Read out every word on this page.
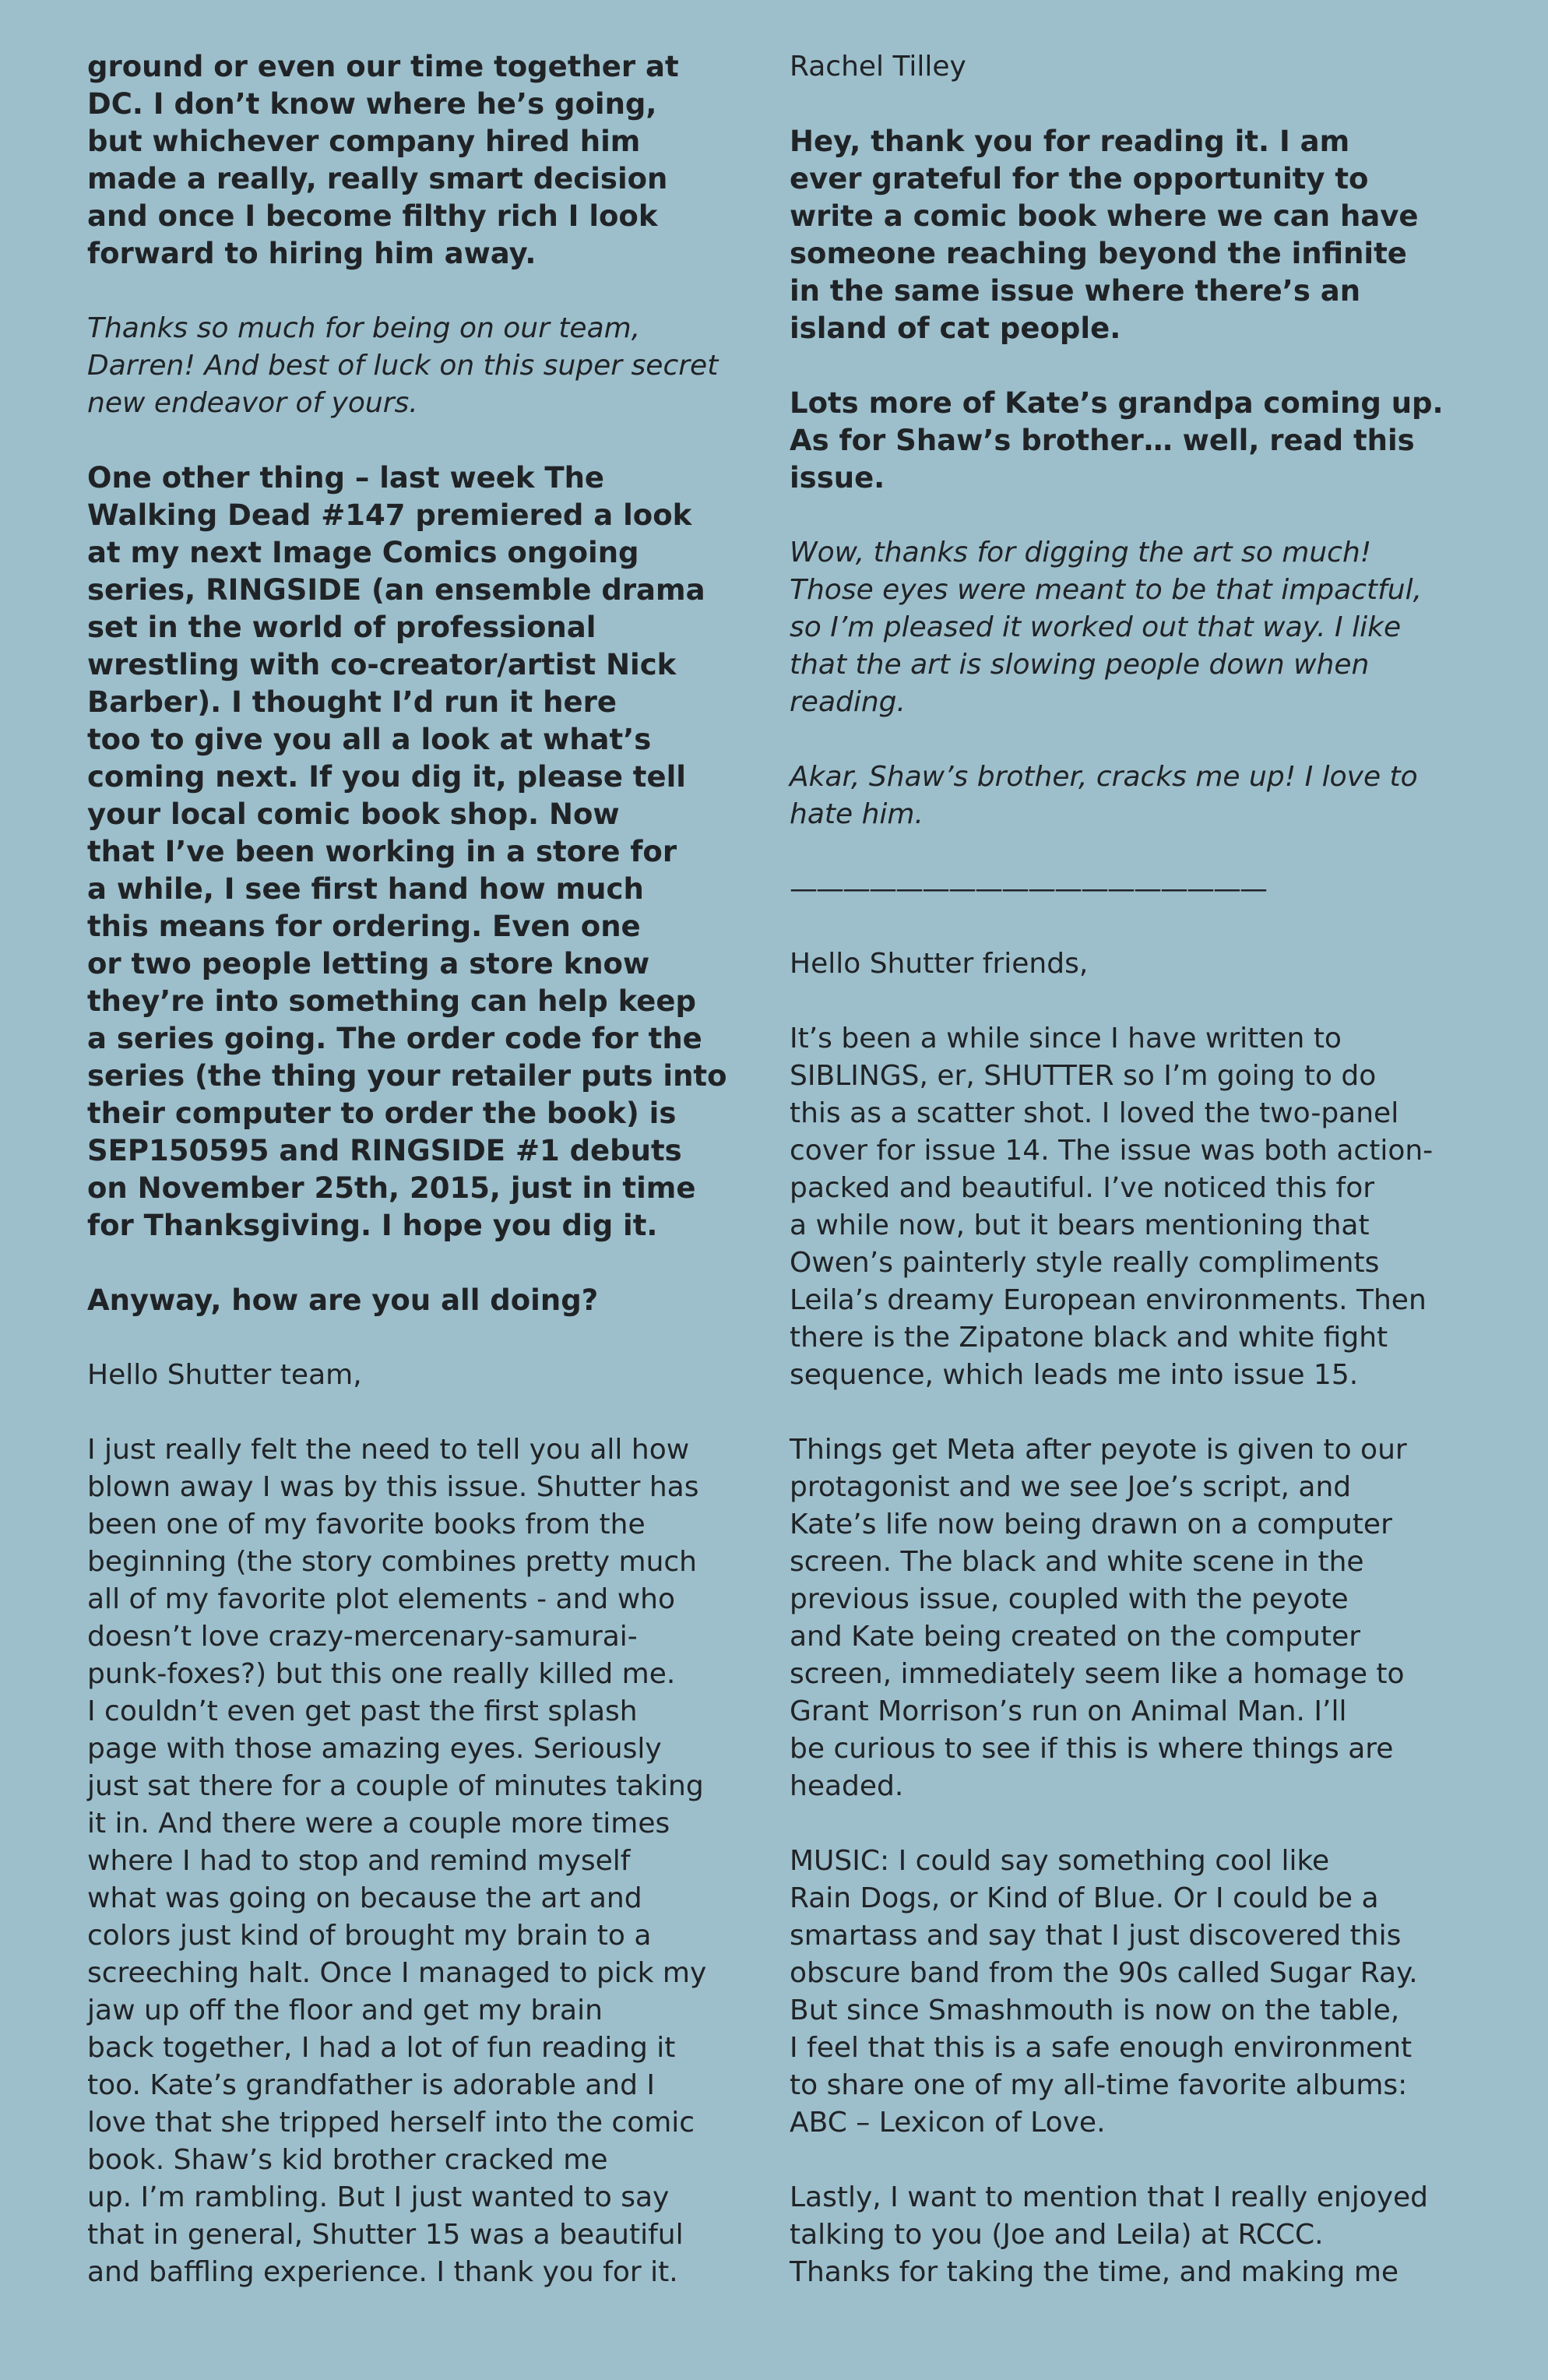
ground or even our time together at
DC. I don’t know where he’s going,
but whichever company hired him
made a really, really smart decision
and once I become filthy rich I look
forward to hiring him away.

Thanks so much for being on our team,
Darren! And best of luck on this super secret
new endeavor of yours.

One other thing – last week The
Walking Dead #147 premiered a look
at my next Image Comics ongoing
series, RINGSIDE (an ensemble drama
set in the world of professional
wrestling with co-creator/artist Nick
Barber). I thought I’d run it here
too to give you all a look at what’s
coming next. If you dig it, please tell
your local comic book shop. Now
that I’ve been working in a store for
a while, I see first hand how much
this means for ordering. Even one
or two people letting a store know
they’re into something can help keep
a series going. The order code for the
series (the thing your retailer puts into
their computer to order the book) is
SEP150595 and RINGSIDE #1 debuts
on November 25th, 2015, just in time
for Thanksgiving. I hope you dig it.

Anyway, how are you all doing?

Hello Shutter team,

I just really felt the need to tell you all how
blown away I was by this issue. Shutter has
been one of my favorite books from the
beginning (the story combines pretty much
all of my favorite plot elements - and who
doesn’t love crazy-mercenary-samurai-
punk-foxes?) but this one really killed me.
I couldn’t even get past the first splash
page with those amazing eyes. Seriously
just sat there for a couple of minutes taking
it in. And there were a couple more times
where I had to stop and remind myself
what was going on because the art and
colors just kind of brought my brain to a
screeching halt. Once I managed to pick my
jaw up off the floor and get my brain
back together, I had a lot of fun reading it
too. Kate’s grandfather is adorable and I
love that she tripped herself into the comic
book. Shaw’s kid brother cracked me
up. I’m rambling. But I just wanted to say
that in general, Shutter 15 was a beautiful
and baffling experience. I thank you for it.

Rachel Tilley

Hey, thank you for reading it. I am
ever grateful for the opportunity to
write a comic book where we can have
someone reaching beyond the infinite
in the same issue where there’s an
island of cat people.

Lots more of Kate’s grandpa coming up.
As for Shaw’s brother… well, read this
issue.

Wow, thanks for digging the art so much!
Those eyes were meant to be that impactful,
so I’m pleased it worked out that way. I like
that the art is slowing people down when
reading.

Akar, Shaw’s brother, cracks me up! I love to
hate him.

——————————————————

Hello Shutter friends,

It’s been a while since I have written to
SIBLINGS, er, SHUTTER so I’m going to do
this as a scatter shot. I loved the two-panel
cover for issue 14. The issue was both action-
packed and beautiful. I’ve noticed this for
a while now, but it bears mentioning that
Owen’s painterly style really compliments
Leila’s dreamy European environments. Then
there is the Zipatone black and white fight
sequence, which leads me into issue 15.

Things get Meta after peyote is given to our
protagonist and we see Joe’s script, and
Kate’s life now being drawn on a computer
screen. The black and white scene in the
previous issue, coupled with the peyote
and Kate being created on the computer
screen, immediately seem like a homage to
Grant Morrison’s run on Animal Man. I’ll
be curious to see if this is where things are
headed.

MUSIC: I could say something cool like
Rain Dogs, or Kind of Blue. Or I could be a
smartass and say that I just discovered this
obscure band from the 90s called Sugar Ray.
But since Smashmouth is now on the table,
I feel that this is a safe enough environment
to share one of my all-time favorite albums:
ABC – Lexicon of Love.

Lastly, I want to mention that I really enjoyed
talking to you (Joe and Leila) at RCCC.
Thanks for taking the time, and making me
